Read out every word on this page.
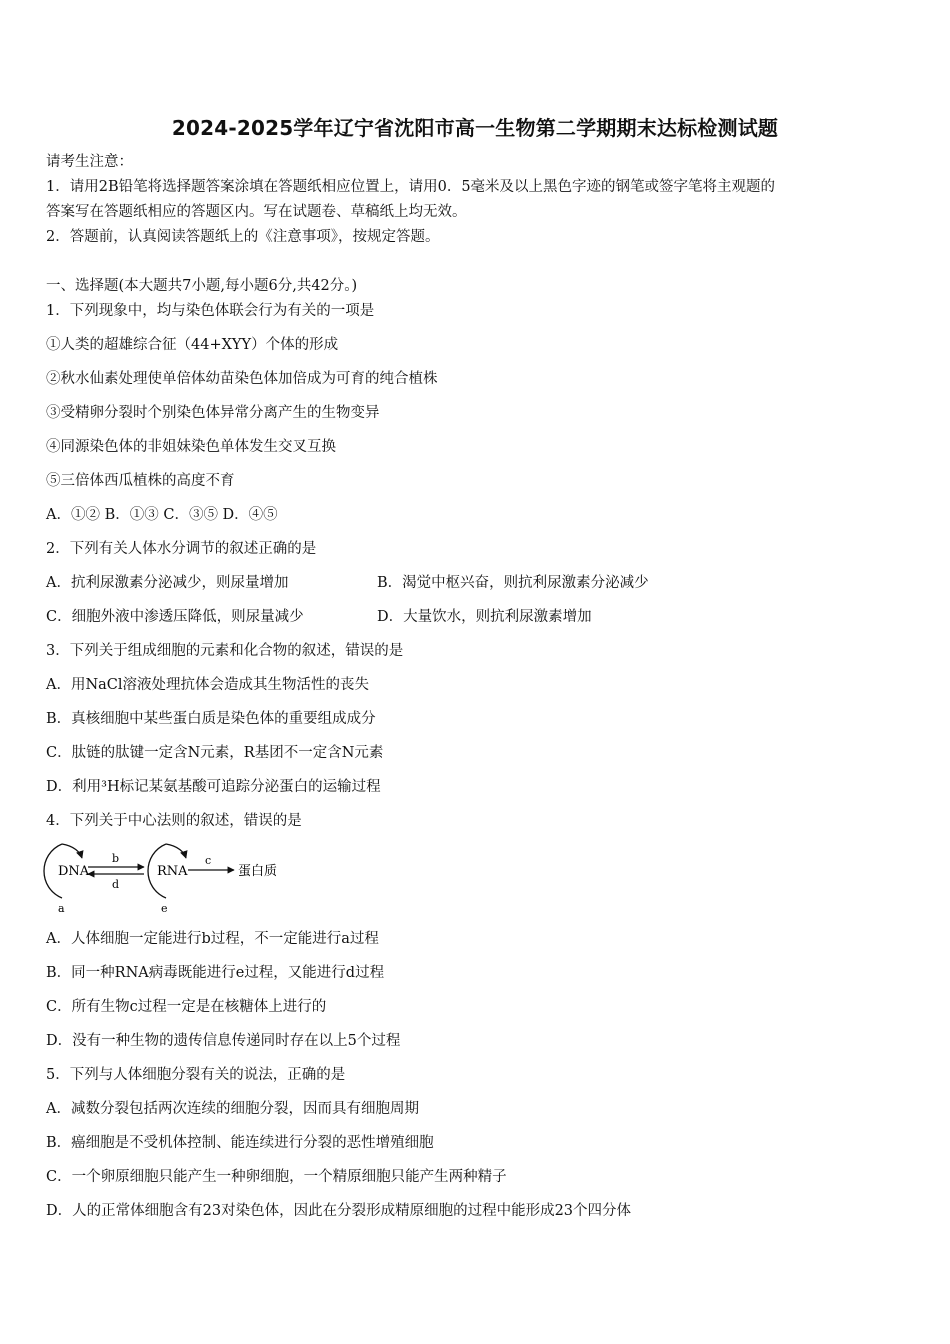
2024-2025学年辽宁省沈阳市高一生物第二学期期末达标检测试题
请考生注意：
1．请用2B铅笔将选择题答案涂填在答题纸相应位置上，请用0．5毫米及以上黑色字迹的钢笔或签字笔将主观题的
答案写在答题纸相应的答题区内。写在试题卷、草稿纸上均无效。
2．答题前，认真阅读答题纸上的《注意事项》，按规定答题。
一、选择题(本大题共7小题,每小题6分,共42分。)
1．下列现象中，均与染色体联会行为有关的一项是
①人类的超雄综合征（44+XYY）个体的形成
②秋水仙素处理使单倍体幼苗染色体加倍成为可育的纯合植株
③受精卵分裂时个别染色体异常分离产生的生物变异
④同源染色体的非姐妹染色单体发生交叉互换
⑤三倍体西瓜植株的高度不育
A．①② B．①③ C．③⑤ D．④⑤
2．下列有关人体水分调节的叙述正确的是
A．抗利尿激素分泌减少，则尿量增加	B．渴觉中枢兴奋，则抗利尿激素分泌减少
C．细胞外液中渗透压降低，则尿量减少	D．大量饮水，则抗利尿激素增加
3．下列关于组成细胞的元素和化合物的叙述，错误的是
A．用NaCl溶液处理抗体会造成其生物活性的丧失
B．真核细胞中某些蛋白质是染色体的重要组成成分
C．肽链的肽键一定含N元素，R基团不一定含N元素
D．利用³H标记某氨基酸可追踪分泌蛋白的运输过程
4．下列关于中心法则的叙述，错误的是
DNA
a
b
d
RNA
e
c
蛋白质
A．人体细胞一定能进行b过程，不一定能进行a过程
B．同一种RNA病毒既能进行e过程，又能进行d过程
C．所有生物c过程一定是在核糖体上进行的
D．没有一种生物的遗传信息传递同时存在以上5个过程
5．下列与人体细胞分裂有关的说法，正确的是
A．减数分裂包括两次连续的细胞分裂，因而具有细胞周期
B．癌细胞是不受机体控制、能连续进行分裂的恶性增殖细胞
C．一个卵原细胞只能产生一种卵细胞，一个精原细胞只能产生两种精子
D．人的正常体细胞含有23对染色体，因此在分裂形成精原细胞的过程中能形成23个四分体
